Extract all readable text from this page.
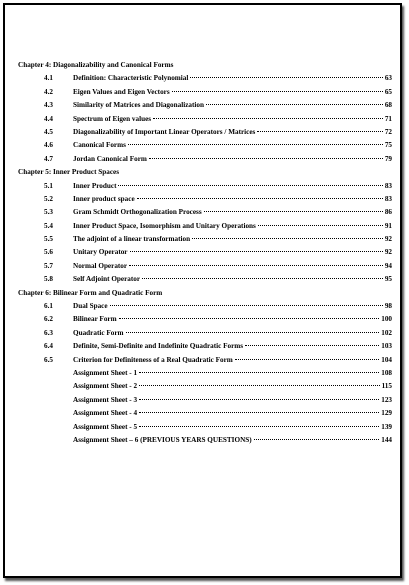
Chapter 4: Diagonalizability and Canonical Forms
4.1	Definition: Characteristic Polynomial	63
4.2	Eigen Values and Eigen Vectors	65
4.3	Similarity of Matrices and Diagonalization	68
4.4	Spectrum of Eigen values	71
4.5	Diagonalizability of Important Linear Operators / Matrices	72
4.6	Canonical Forms	75
4.7	Jordan Canonical Form	79
Chapter 5: Inner Product Spaces
5.1	Inner Product	83
5.2	Inner product space	83
5.3	Gram Schmidt Orthogonalization Process	86
5.4	Inner Product Space, Isomorphism and Unitary Operations	91
5.5	The adjoint of a linear transformation	92
5.6	Unitary Operator	92
5.7	Normal Operator	94
5.8	Self Adjoint Operator	95
Chapter 6: Bilinear Form and Quadratic Form
6.1	Dual Space	98
6.2	Bilinear Form	100
6.3	Quadratic Form	102
6.4	Definite, Semi-Definite and Indefinite Quadratic Forms	103
6.5	Criterion for Definiteness of a Real Quadratic Form	104
Assignment Sheet - 1	108
Assignment Sheet - 2	115
Assignment Sheet - 3	123
Assignment Sheet - 4	129
Assignment Sheet - 5	139
Assignment Sheet – 6 (PREVIOUS YEARS QUESTIONS)	144
